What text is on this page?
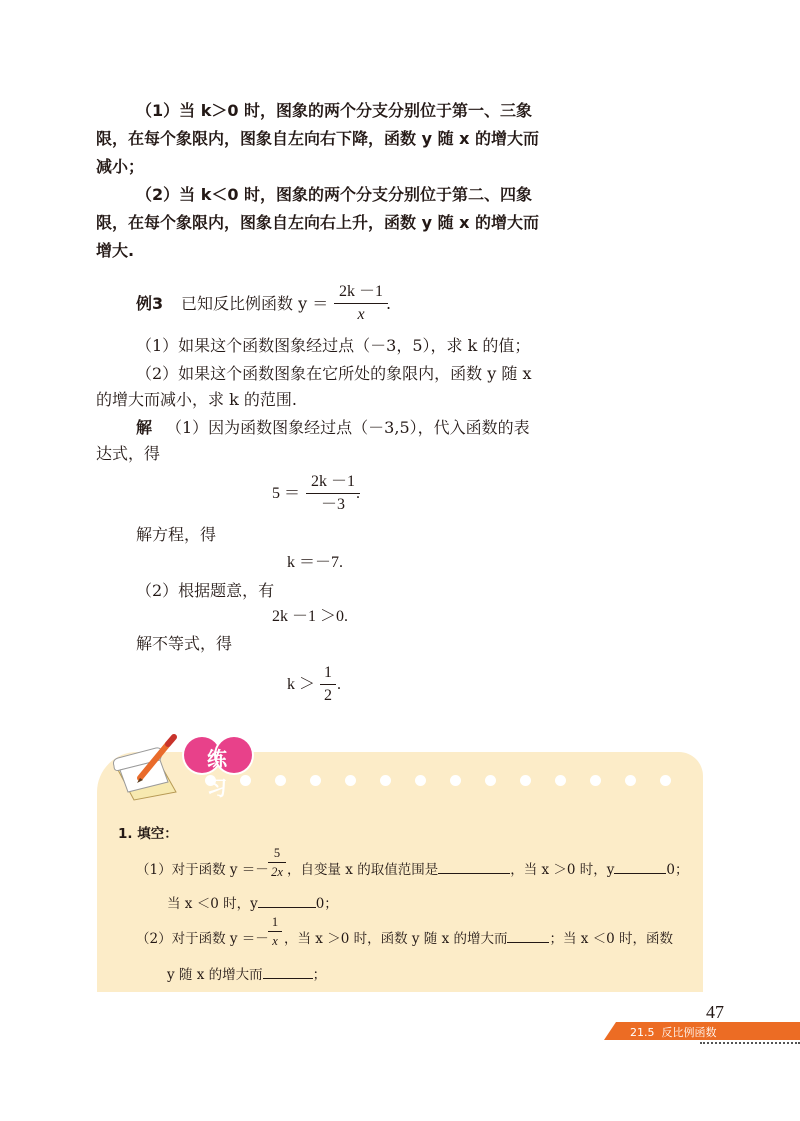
（1）当 k＞0 时，图象的两个分支分别位于第一、三象
限，在每个象限内，图象自左向右下降，函数 y 随 x 的增大而
减小；
（2）当 k＜0 时，图象的两个分支分别位于第二、四象
限，在每个象限内，图象自左向右上升，函数 y 随 x 的增大而
增大.
例3 已知反比例函数 y ＝
2k －1
x
.
（1）如果这个函数图象经过点（－3，5），求 k 的值；
（2）如果这个函数图象在它所处的象限内，函数 y 随 x
的增大而减小，求 k 的范围.
解 （1）因为函数图象经过点（－3,5），代入函数的表
达式，得
5 ＝
2k －1
－3
.
解方程，得
k ＝－7.
（2）根据题意，有
2k －1 ＞0.
解不等式，得
k ＞
1
2
.
练习
1. 填空：
（1）对于函数 y ＝－
5
2x ，自变量 x 的取值范围是	，当 x ＞0 时，y	0；
当 x ＜0 时，y	0；
（2）对于函数 y ＝－
1
x ，当 x ＞0 时，函数 y 随 x 的增大而	；当 x ＜0 时，函数
y 随 x 的增大而	；
47
21.5  反比例函数
